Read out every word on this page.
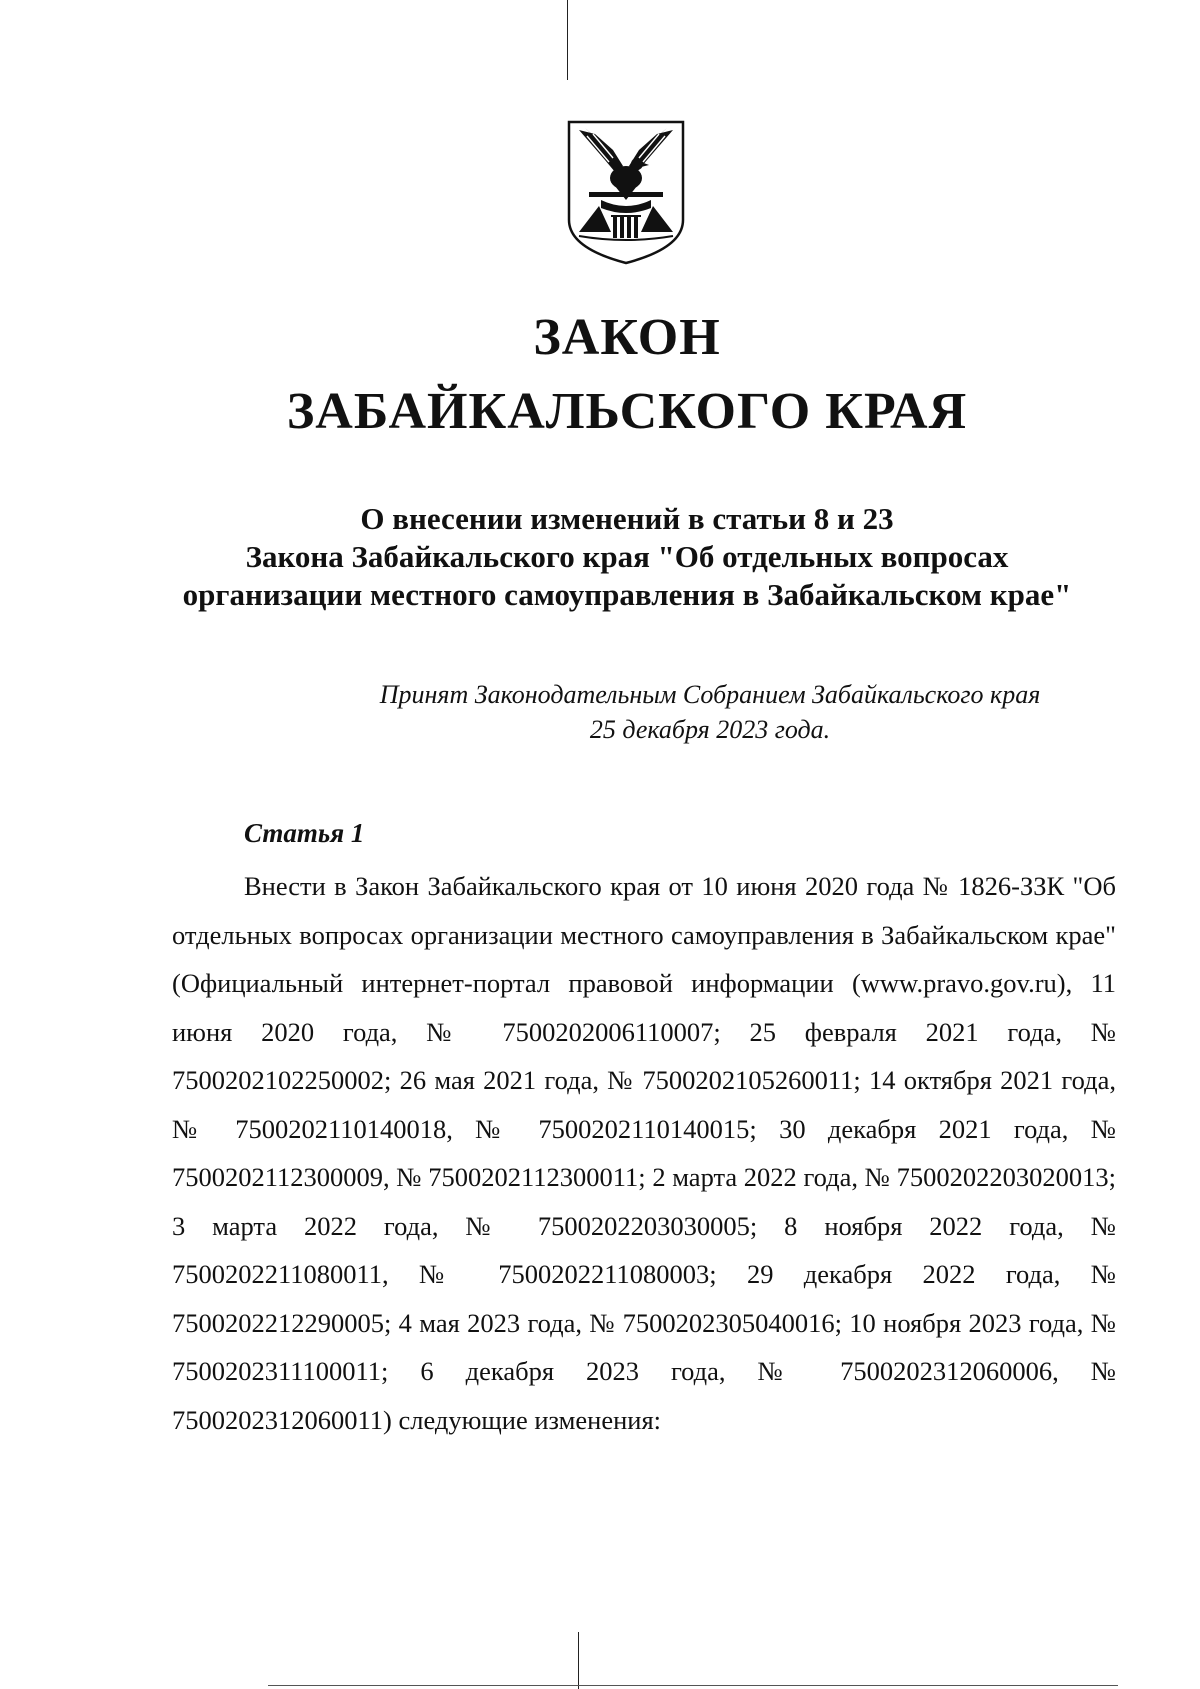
ЗАКОН
ЗАБАЙКАЛЬСКОГО КРАЯ
О внесении изменений в статьи 8 и 23
Закона Забайкальского края "Об отдельных вопросах
организации местного самоуправления в Забайкальском крае"
Принят Законодательным Собранием Забайкальского края
25 декабря 2023 года.
Статья 1

Внести в Закон Забайкальского края от 10 июня 2020 года № 1826-ЗЗК "Об отдельных вопросах организации местного самоуправления в Забайкальском крае" (Официальный интернет-портал правовой информации (www.pravo.gov.ru), 11 июня 2020 года, № 7500202006110007; 25 февраля 2021 года, № 7500202102250002; 26 мая 2021 года, № 7500202105260011; 14 октября 2021 года, № 7500202110140018, № 7500202110140015; 30 декабря 2021 года, № 7500202112300009, № 7500202112300011; 2 марта 2022 года, № 7500202203020013; 3 марта 2022 года, № 7500202203030005; 8 ноября 2022 года, № 7500202211080011, № 7500202211080003; 29 декабря 2022 года, № 7500202212290005; 4 мая 2023 года, № 7500202305040016; 10 ноября 2023 года, № 7500202311100011; 6 декабря 2023 года, № 7500202312060006, № 7500202312060011) следующие изменения:
